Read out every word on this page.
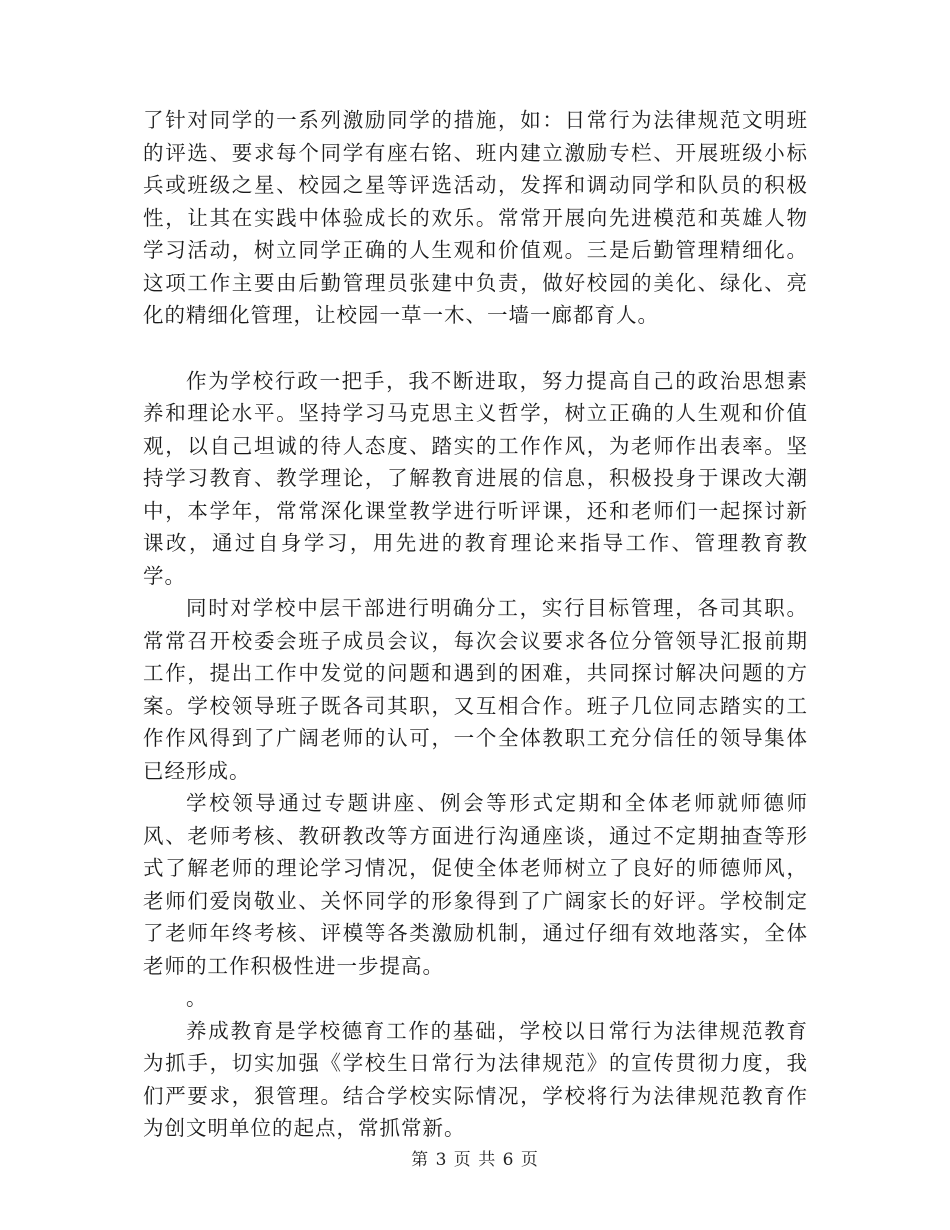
了针对同学的一系列激励同学的措施，如：日常行为法律规范文明班的评选、要求每个同学有座右铭、班内建立激励专栏、开展班级小标兵或班级之星、校园之星等评选活动，发挥和调动同学和队员的积极性，让其在实践中体验成长的欢乐。常常开展向先进模范和英雄人物学习活动，树立同学正确的人生观和价值观。三是后勤管理精细化。这项工作主要由后勤管理员张建中负责，做好校园的美化、绿化、亮化的精细化管理，让校园一草一木、一墙一廊都育人。

作为学校行政一把手，我不断进取，努力提高自己的政治思想素养和理论水平。坚持学习马克思主义哲学，树立正确的人生观和价值观，以自己坦诚的待人态度、踏实的工作作风，为老师作出表率。坚持学习教育、教学理论，了解教育进展的信息，积极投身于课改大潮中，本学年，常常深化课堂教学进行听评课，还和老师们一起探讨新课改，通过自身学习，用先进的教育理论来指导工作、管理教育教学。

同时对学校中层干部进行明确分工，实行目标管理，各司其职。常常召开校委会班子成员会议，每次会议要求各位分管领导汇报前期工作，提出工作中发觉的问题和遇到的困难，共同探讨解决问题的方案。学校领导班子既各司其职，又互相合作。班子几位同志踏实的工作作风得到了广阔老师的认可，一个全体教职工充分信任的领导集体已经形成。

学校领导通过专题讲座、例会等形式定期和全体老师就师德师风、老师考核、教研教改等方面进行沟通座谈，通过不定期抽查等形式了解老师的理论学习情况，促使全体老师树立了良好的师德师风，老师们爱岗敬业、关怀同学的形象得到了广阔家长的好评。学校制定了老师年终考核、评模等各类激励机制，通过仔细有效地落实，全体老师的工作积极性进一步提高。

。

养成教育是学校德育工作的基础，学校以日常行为法律规范教育为抓手，切实加强《学校生日常行为法律规范》的宣传贯彻力度，我们严要求，狠管理。结合学校实际情况，学校将行为法律规范教育作为创文明单位的起点，常抓常新。

第 3 页 共 6 页
